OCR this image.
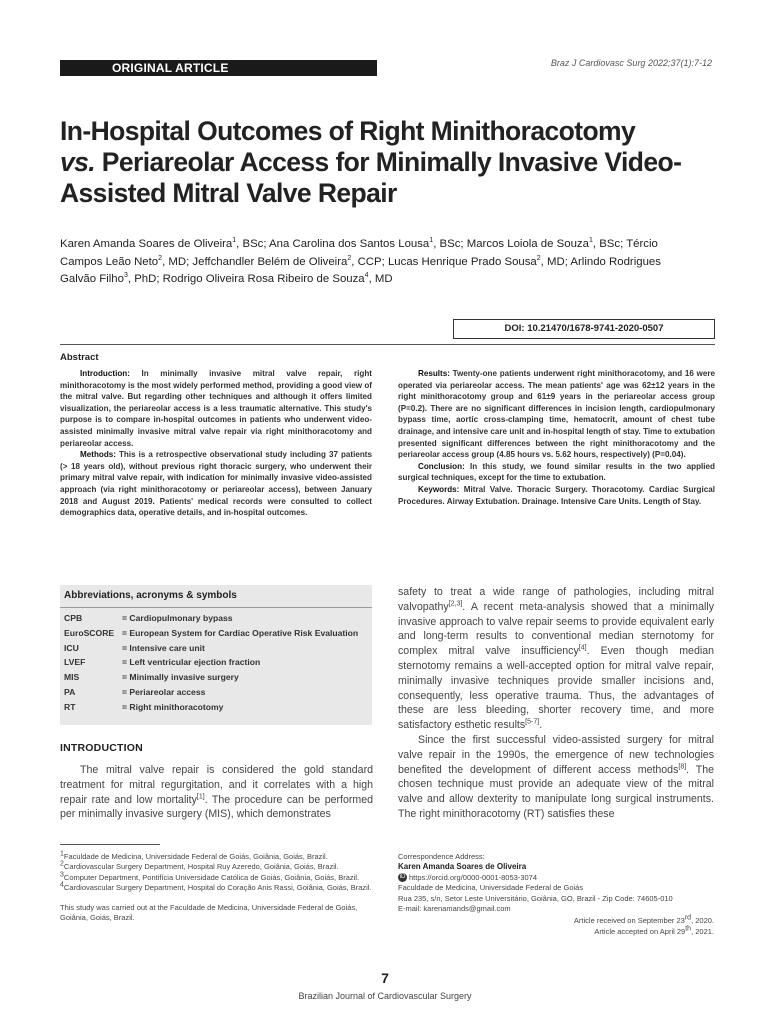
ORIGINAL ARTICLE	Braz J Cardiovasc Surg 2022;37(1):7-12
In-Hospital Outcomes of Right Minithoracotomy
vs. Periareolar Access for Minimally Invasive Video-
Assisted Mitral Valve Repair
Karen Amanda Soares de Oliveira$^1$, BSc; Ana Carolina dos Santos Lousa$^1$, BSc; Marcos Loiola de Souza$^1$, BSc; Tércio
Campos Leão Neto$^2$, MD; Jeffchandler Belém de Oliveira$^2$, CCP; Lucas Henrique Prado Sousa$^2$, MD; Arlindo Rodrigues
Galvão Filho$^3$, PhD; Rodrigo Oliveira Rosa Ribeiro de Souza$^4$, MD
DOI: 10.21470/1678-9741-2020-0507
Abstract

Introduction: In minimally invasive mitral valve repair, right minithoracotomy is the most widely performed method, providing a good view of the mitral valve. But regarding other techniques and although it offers limited visualization, the periareolar access is a less traumatic alternative. This study's purpose is to compare in-hospital outcomes in patients who underwent video-assisted minimally invasive mitral valve repair via right minithoracotomy and periareolar access.

Methods: This is a retrospective observational study including 37 patients (> 18 years old), without previous right thoracic surgery, who underwent their primary mitral valve repair, with indication for minimally invasive video-assisted approach (via right minithoracotomy or periareolar access), between January 2018 and August 2019. Patients' medical records were consulted to collect demographics data, operative details, and in-hospital outcomes.

Results: Twenty-one patients underwent right minithoracotomy, and 16 were operated via periareolar access. The mean patients' age was 62±12 years in the right minithoracotomy group and 61±9 years in the periareolar access group (P=0.2). There are no significant differences in incision length, cardiopulmonary bypass time, aortic cross-clamping time, hematocrit, amount of chest tube drainage, and intensive care unit and in-hospital length of stay. Time to extubation presented significant differences between the right minithoracotomy and the periareolar access group (4.85 hours vs. 5.62 hours, respectively) (P=0.04).

Conclusion: In this study, we found similar results in the two applied surgical techniques, except for the time to extubation.

Keywords: Mitral Valve. Thoracic Surgery. Thoracotomy. Cardiac Surgical Procedures. Airway Extubation. Drainage. Intensive Care Units. Length of Stay.

Abbreviations, acronyms & symbols
CPB	= Cardiopulmonary bypass
EuroSCORE = European System for Cardiac Operative Risk Evaluation
ICU	= Intensive care unit
LVEF	= Left ventricular ejection fraction
MIS	= Minimally invasive surgery
PA	= Periareolar access
RT	= Right minithoracotomy
INTRODUCTION

The mitral valve repair is considered the gold standard treatment for mitral regurgitation, and it correlates with a high repair rate and low mortality[1]. The procedure can be performed per minimally invasive surgery (MIS), which demonstrates

safety to treat a wide range of pathologies, including mitral valvopathy[2,3]. A recent meta-analysis showed that a minimally invasive approach to valve repair seems to provide equivalent early and long-term results to conventional median sternotomy for complex mitral valve insufficiency[4]. Even though median sternotomy remains a well-accepted option for mitral valve repair, minimally invasive techniques provide smaller incisions and, consequently, less operative trauma. Thus, the advantages of these are less bleeding, shorter recovery time, and more satisfactory esthetic results[5-7].

Since the first successful video-assisted surgery for mitral valve repair in the 1990s, the emergence of new technologies benefited the development of different access methods[8]. The chosen technique must provide an adequate view of the mitral valve and allow dexterity to manipulate long surgical instruments. The right minithoracotomy (RT) satisfies these

$^1$Faculdade de Medicina, Universidade Federal de Goiás, Goiânia, Goiás, Brazil.

$^2$Cardiovascular Surgery Department, Hospital Ruy Azeredo, Goiânia, Goiás, Brazil.

$^3$Computer Department, Pontifícia Universidade Católica de Goiás, Goiânia, Goiás, Brazil.

$^4$Cardiovascular Surgery Department, Hospital do Coração Anis Rassi, Goiânia, Goiás, Brazil.

This study was carried out at the Faculdade de Medicina, Universidade Federal de Goiás, Goiânia, Goiás, Brazil.

Correspondence Address:

Karen Amanda Soares de Oliveira

iD https://orcid.org/0000-0001-8053-3074

Faculdade de Medicina, Universidade Federal de Goiás

Rua 235, s/n, Setor Leste Universitário, Goiânia, GO, Brazil - Zip Code: 74605-010

E-mail: karenamands@gmail.com

Article received on September 23rd, 2020.

Article accepted on April 29th, 2021.

7
Brazilian Journal of Cardiovascular Surgery
